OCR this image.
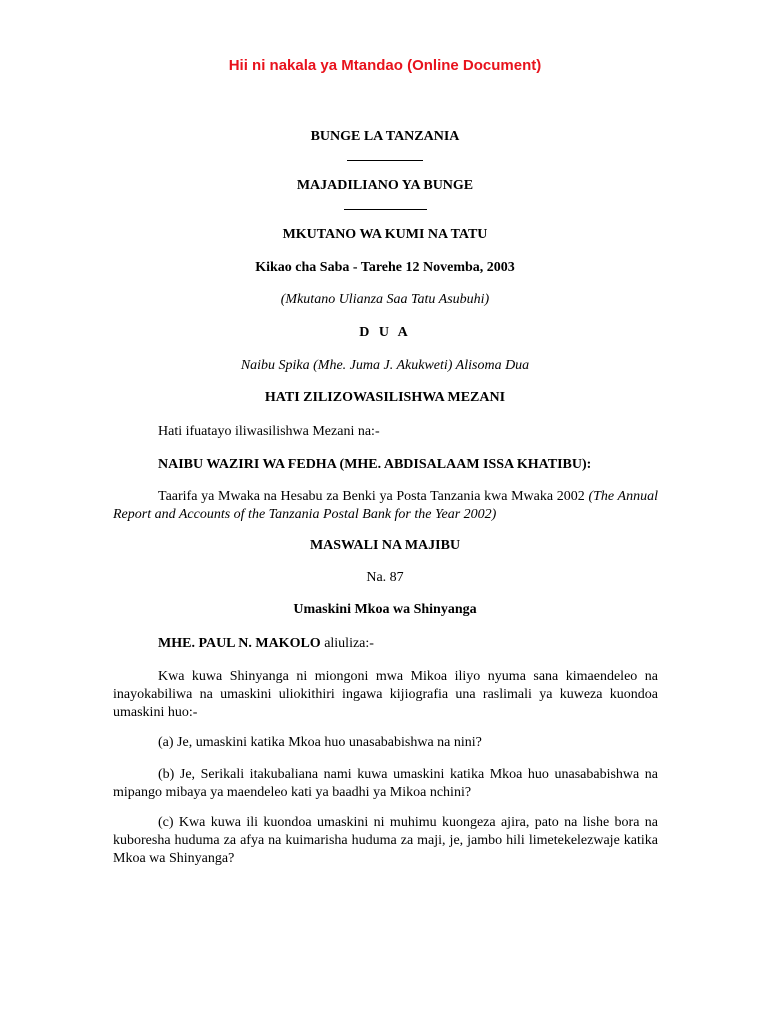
Hii ni nakala ya Mtandao (Online Document)
BUNGE LA TANZANIA
MAJADILIANO YA BUNGE
MKUTANO WA KUMI NA TATU
Kikao cha Saba - Tarehe 12 Novemba, 2003
(Mkutano Ulianza Saa Tatu Asubuhi)
D U A
Naibu Spika (Mhe. Juma J. Akukweti) Alisoma Dua
HATI ZILIZOWASILISHWA MEZANI
Hati ifuatayo iliwasilishwa Mezani na:-
NAIBU WAZIRI WA FEDHA (MHE. ABDISALAAM ISSA KHATIBU):
Taarifa ya Mwaka na Hesabu za Benki ya Posta Tanzania kwa Mwaka 2002 (The Annual Report and Accounts of the Tanzania Postal Bank for the Year 2002)
MASWALI NA MAJIBU
Na. 87
Umaskini Mkoa wa Shinyanga
MHE. PAUL N. MAKOLO aliuliza:-
Kwa kuwa Shinyanga ni miongoni mwa Mikoa iliyo nyuma sana kimaendeleo na inayokabiliwa na umaskini uliokithiri ingawa kijiografia una raslimali ya kuweza kuondoa umaskini huo:-
(a) Je, umaskini katika Mkoa huo unasababishwa na nini?
(b) Je, Serikali itakubaliana nami kuwa umaskini katika Mkoa huo unasababishwa na mipango mibaya ya maendeleo kati ya baadhi ya Mikoa nchini?
(c) Kwa kuwa ili kuondoa umaskini ni muhimu kuongeza ajira, pato na lishe bora na kuboresha huduma za afya na kuimarisha huduma za maji, je, jambo hili limetekelezwaje katika Mkoa wa Shinyanga?
